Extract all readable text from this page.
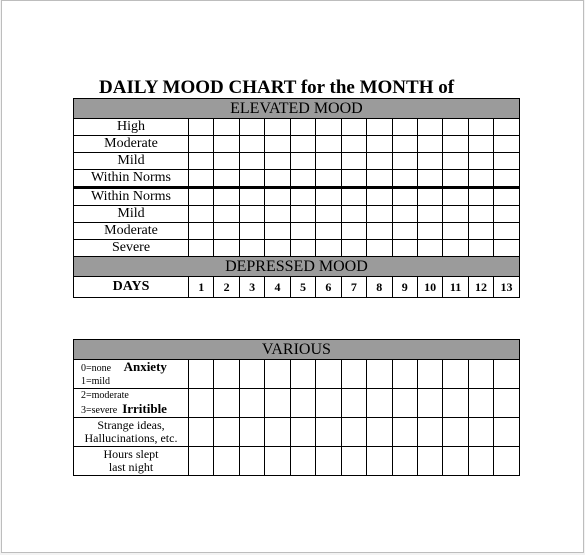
DAILY MOOD CHART for the MONTH of
ELEVATED MOOD													
High													
Moderate													
Mild													
Within Norms													
Within Norms													
Mild													
Moderate													
Severe													
DEPRESSED MOOD													
DAYS	1	2	3	4	5	6	7	8	9	10	11	12	13
VARIOUS													
0=none Anxiety
1=mild													
2=moderate
3=severe Irritible													
Strange ideas,
Hallucinations, etc.													
Hours slept
last night													
